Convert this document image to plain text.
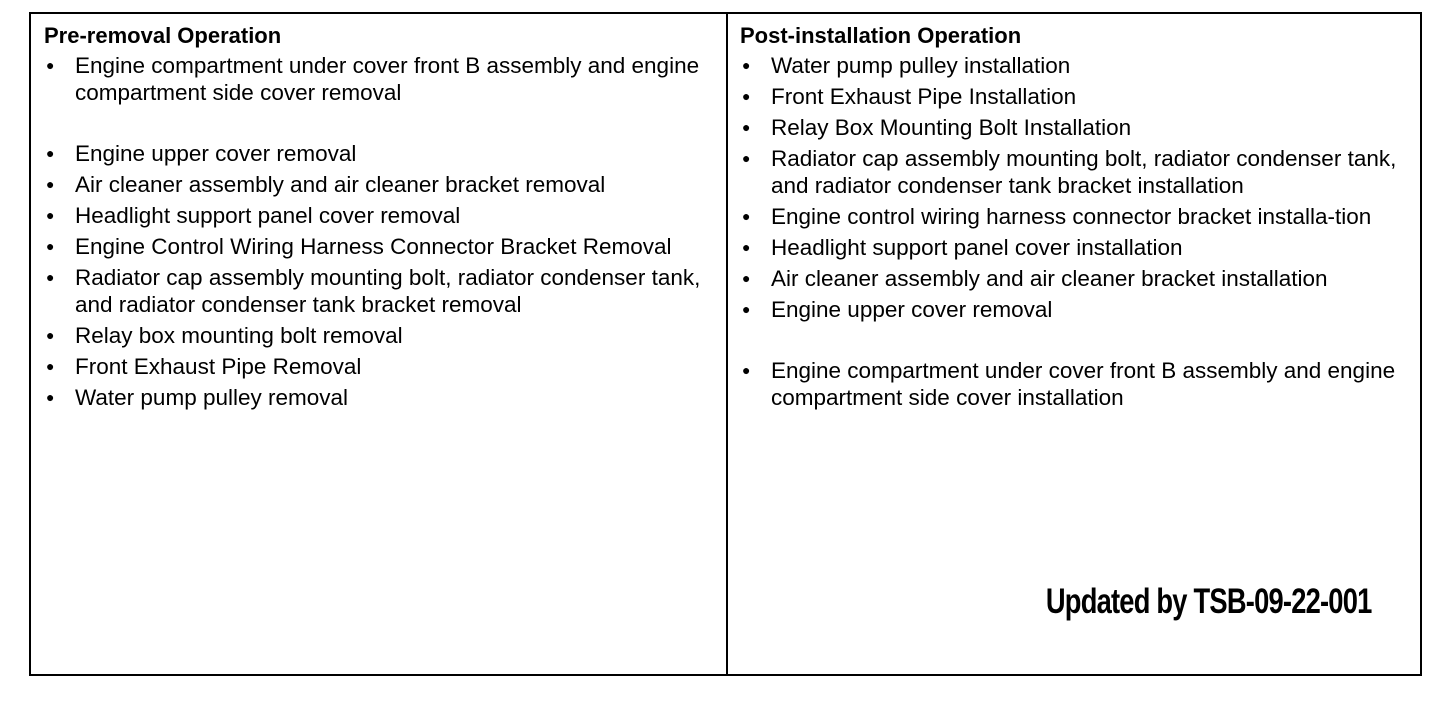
Pre-removal Operation
● Engine compartment under cover front B assembly and engine compartment side cover removal
● Engine upper cover removal
● Air cleaner assembly and air cleaner bracket removal
● Headlight support panel cover removal
● Engine Control Wiring Harness Connector Bracket Removal
● Radiator cap assembly mounting bolt, radiator condenser tank, and radiator condenser tank bracket removal
● Relay box mounting bolt removal
● Front Exhaust Pipe Removal
● Water pump pulley removal
Post-installation Operation
● Water pump pulley installation
● Front Exhaust Pipe Installation
● Relay Box Mounting Bolt Installation
● Radiator cap assembly mounting bolt, radiator condenser tank, and radiator condenser tank bracket installation
● Engine control wiring harness connector bracket installa-tion
● Headlight support panel cover installation
● Air cleaner assembly and air cleaner bracket installation
● Engine upper cover removal
● Engine compartment under cover front B assembly and engine compartment side cover installation
Updated by TSB-09-22-001
